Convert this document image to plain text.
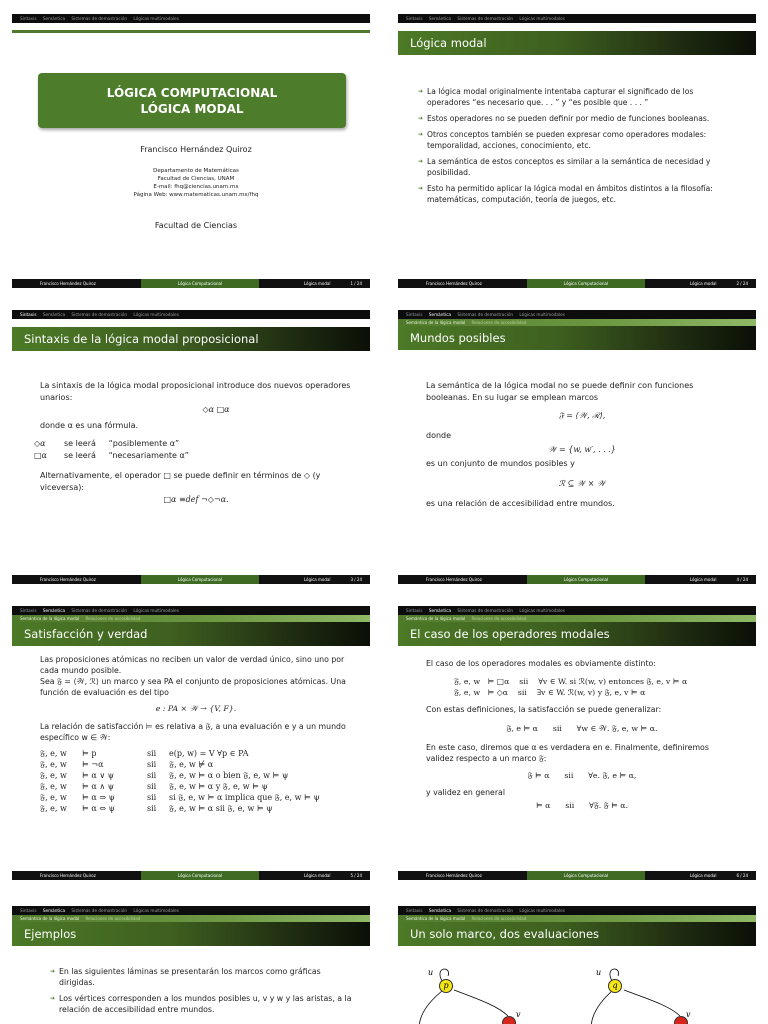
Sintaxis Semántica Sistemas de demostración Lógicas multimodales
LÓGICA COMPUTACIONAL
LÓGICA MODAL
Francisco Hernández Quiroz
Departamento de Matemáticas
Facultad de Ciencias, UNAM
E-mail: fhq@ciencias.unam.mx
Página Web: www.matematicas.unam.mx/fhq
Facultad de Ciencias
Francisco Hernández Quiroz	Lógica Computacional	Lógica modal	1 / 24
Sintaxis Semántica Sistemas de demostración Lógicas multimodales
Lógica modal
➔ La lógica modal originalmente intentaba capturar el significado de los operadores “es necesario que. . . ” y “es posible que . . . ”
➔ Estos operadores no se pueden definir por medio de funciones booleanas.
➔ Otros conceptos también se pueden expresar como operadores modales: temporalidad, acciones, conocimiento, etc.
➔ La semántica de estos conceptos es similar a la semántica de necesidad y posibilidad.
➔ Esto ha permitido aplicar la lógica modal en ámbitos distintos a la filosofía: matemáticas, computación, teoría de juegos, etc.
Francisco Hernández Quiroz	Lógica Computacional	Lógica modal	2 / 24
Sintaxis Semántica Sistemas de demostración Lógicas multimodales
Sintaxis de la lógica modal proposicional
La sintaxis de la lógica modal proposicional introduce dos nuevos operadores unarios:
◇α □α
donde α es una fórmula.
◇α	se leerá     “posiblemente α”
□α	se leerá     “necesariamente α”
Alternativamente, el operador □ se puede definir en términos de ◇ (y viceversa):
□α ≡def ¬◇¬α.
Francisco Hernández Quiroz	Lógica Computacional	Lógica modal	3 / 24
Sintaxis Semántica Sistemas de demostración Lógicas multimodales
Semántica de la lógica modal Relaciones de accesibilidad
Mundos posibles
La semántica de la lógica modal no se puede definir con funciones booleanas. En su lugar se emplean marcos
𝔉 = ⟨𝒲, ℛ⟩,
donde
𝒲 = {w, w′, . . .}
es un conjunto de mundos posibles y
ℛ ⊆ 𝒲 × 𝒲
es una relación de accesibilidad entre mundos.
Francisco Hernández Quiroz	Lógica Computacional	Lógica modal	4 / 24
Sintaxis Semántica Sistemas de demostración Lógicas multimodales
Semántica de la lógica modal Relaciones de accesibilidad
Satisfacción y verdad
Las proposiciones atómicas no reciben un valor de verdad único, sino uno por cada mundo posible.
Sea 𝔉 = ⟨𝒲, ℛ⟩ un marco y sea PA el conjunto de proposiciones atómicas. Una función de evaluación es del tipo
e : PA × 𝒲 → {V, F}.
La relación de satisfacción ⊨ es relativa a 𝔉, a una evaluación e y a un mundo específico w ∈ 𝒲:
𝔉, e, w	⊨ p	sii	e(p, w) = V ∀p ∈ PA
𝔉, e, w	⊨ ¬α	sii	𝔉, e, w ⊭ α
𝔉, e, w	⊨ α ∨ ψ	sii	𝔉, e, w ⊨ α o bien 𝔉, e, w ⊨ ψ
𝔉, e, w	⊨ α ∧ ψ	sii	𝔉, e, w ⊨ α y 𝔉, e, w ⊨ ψ
𝔉, e, w	⊨ α ⇒ ψ	sii	si 𝔉, e, w ⊨ α implica que 𝔉, e, w ⊨ ψ
𝔉, e, w	⊨ α ⇔ ψ	sii	𝔉, e, w ⊨ α sii 𝔉, e, w ⊨ ψ
Francisco Hernández Quiroz	Lógica Computacional	Lógica modal	5 / 24
Sintaxis Semántica Sistemas de demostración Lógicas multimodales
Semántica de la lógica modal Relaciones de accesibilidad
El caso de los operadores modales
El caso de los operadores modales es obviamente distinto:
𝔉, e, w   ⊨ □α    sii    ∀v ∈ W. si ℛ(w, v) entonces 𝔉, e, v ⊨ α
𝔉, e, w   ⊨ ◇α    sii    ∃v ∈ W. ℛ(w, v) y 𝔉, e, v ⊨ α
Con estas definiciones, la satisfacción se puede generalizar:
𝔉, e ⊨ α      sii      ∀w ∈ 𝒲. 𝔉, e, w ⊨ α.
En este caso, diremos que α es verdadera en e. Finalmente, definiremos validez respecto a un marco 𝔉:
𝔉 ⊨ α      sii      ∀e. 𝔉, e ⊨ α,
y validez en general
⊨ α      sii      ∀𝔉. 𝔉 ⊨ α.
Francisco Hernández Quiroz	Lógica Computacional	Lógica modal	6 / 24
Sintaxis Semántica Sistemas de demostración Lógicas multimodales
Semántica de la lógica modal Relaciones de accesibilidad
Ejemplos
➔ En las siguientes láminas se presentarán los marcos como gráficas dirigidas.
➔ Los vértices corresponden a los mundos posibles u, v y w y las aristas, a la relación de accesibilidad entre mundos.
Sintaxis Semántica Sistemas de demostración Lógicas multimodales
Semántica de la lógica modal Relaciones de accesibilidad
Un solo marco, dos evaluaciones
u
p
v
u
q
v
